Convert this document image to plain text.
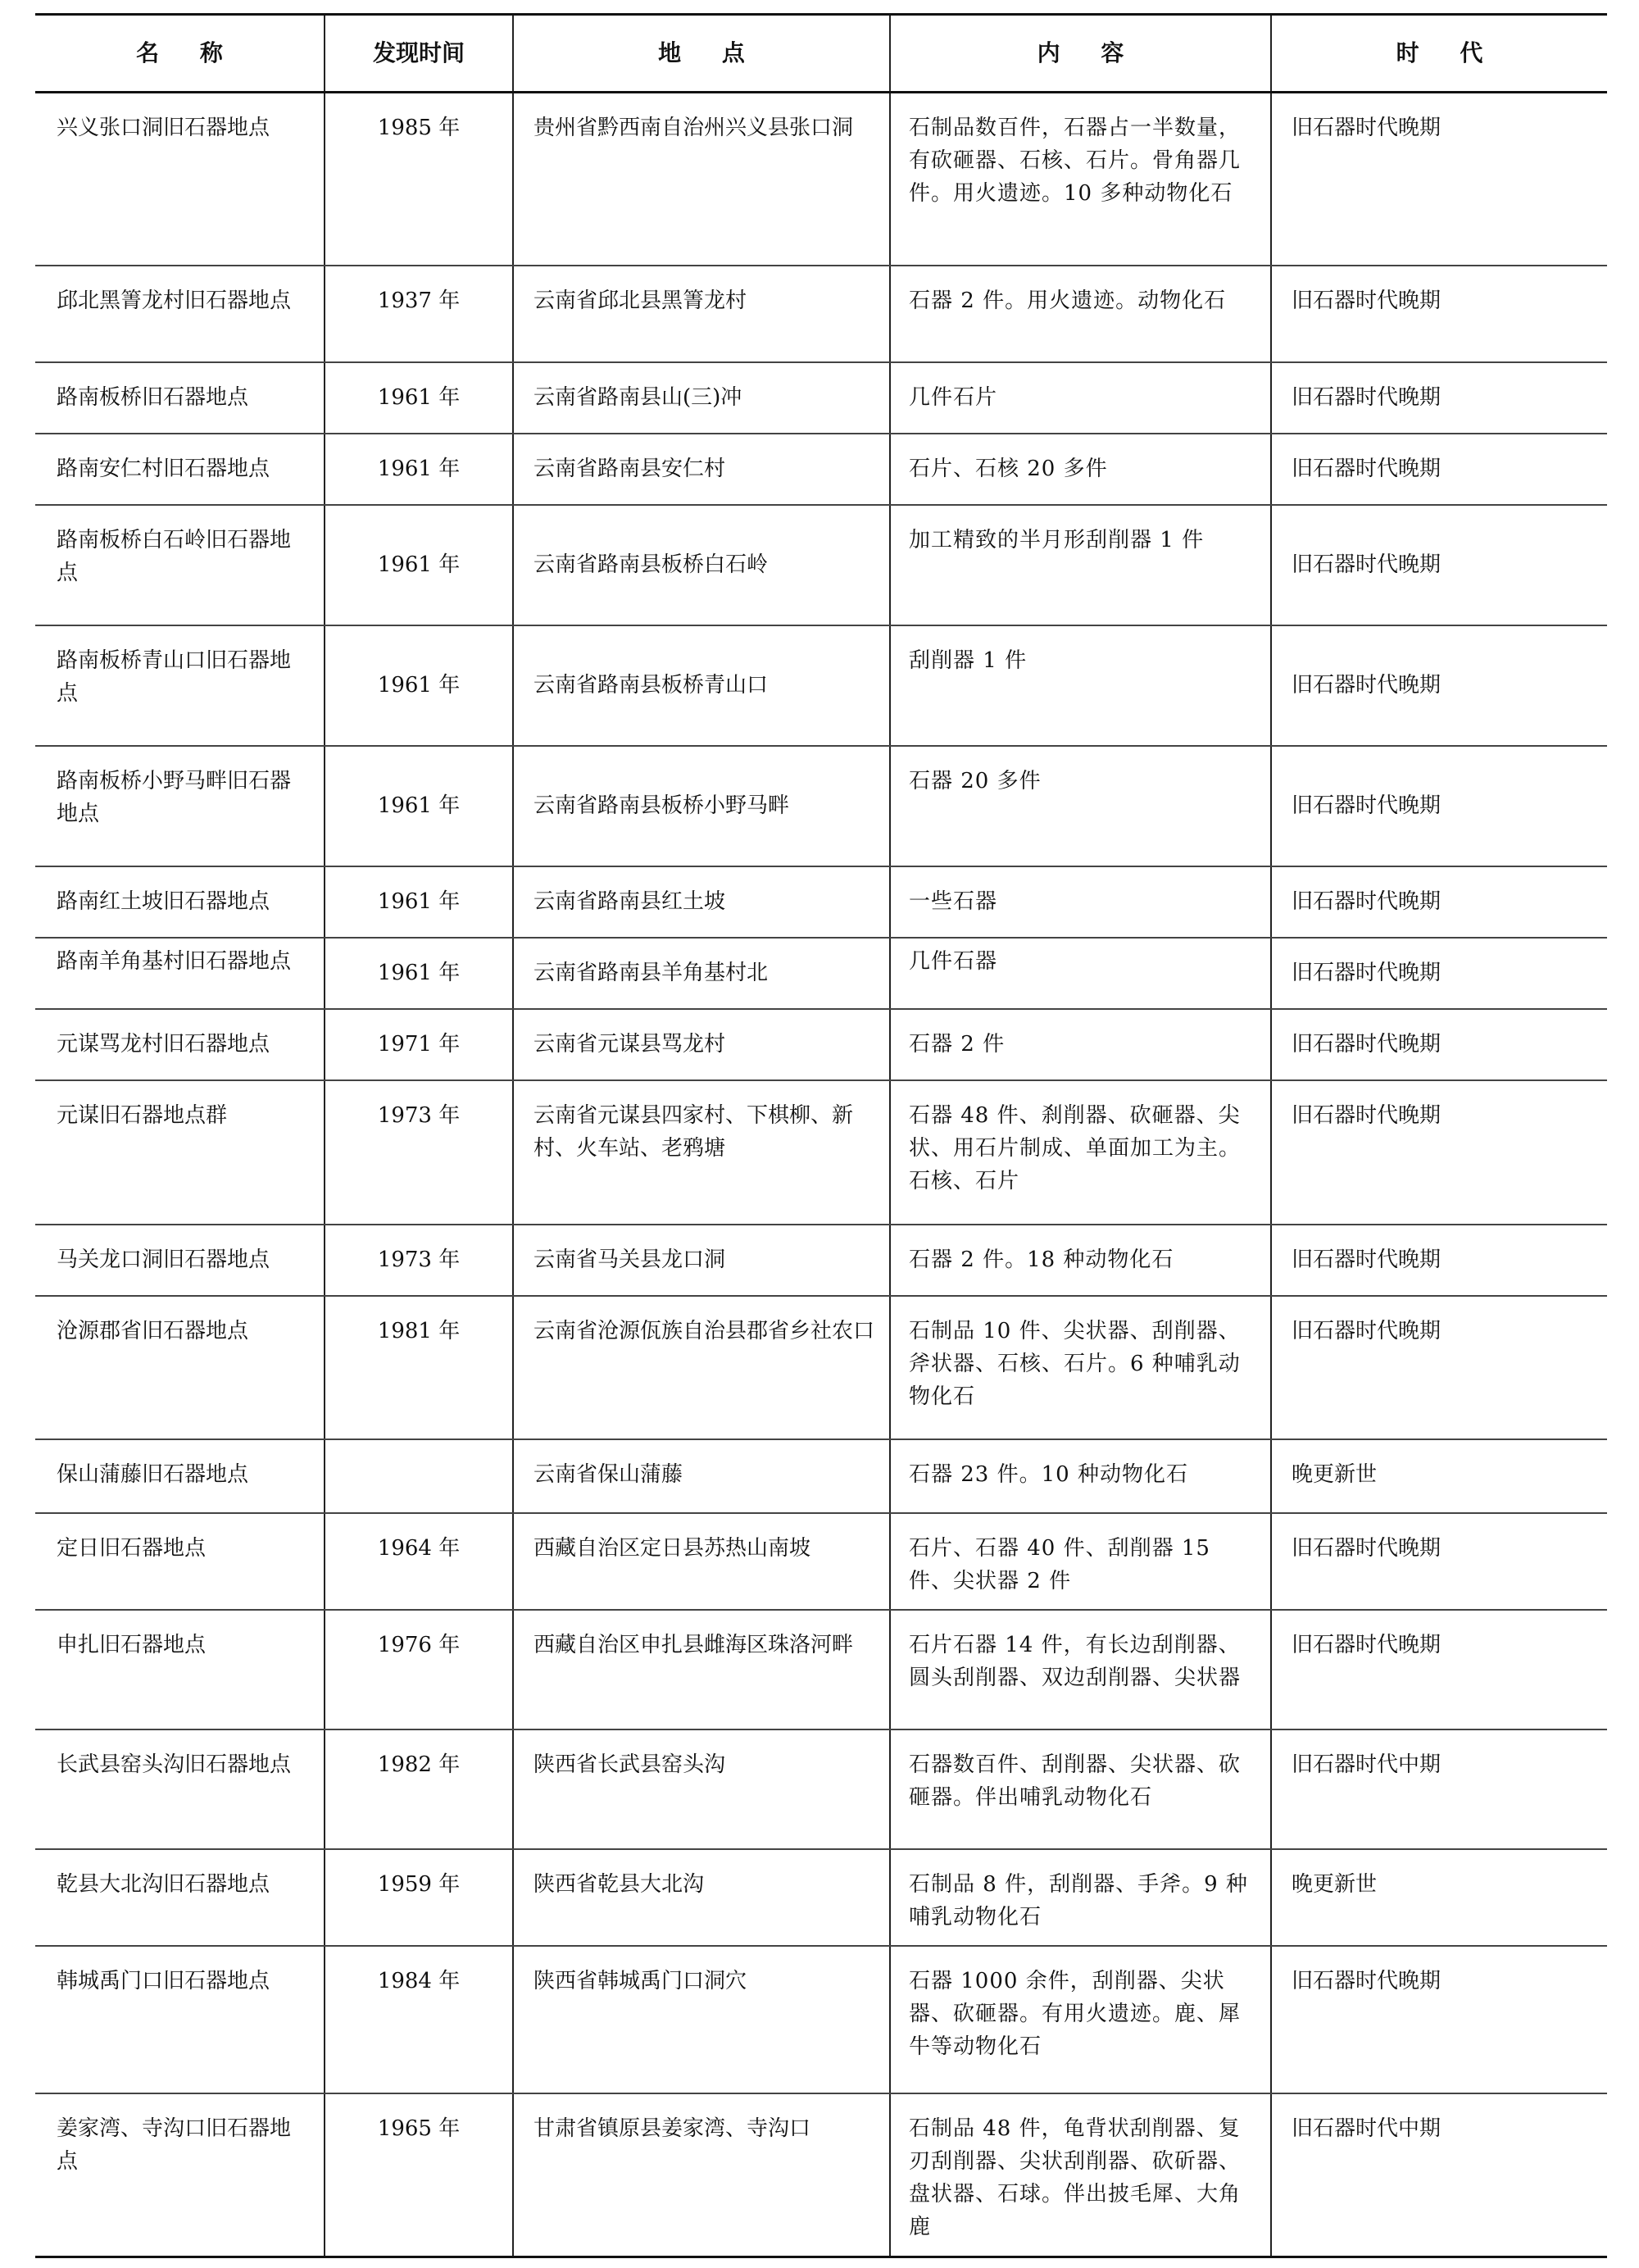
名 称	发现时间	地 点	内 容	时 代

兴义张口洞旧石器地点	1985 年	贵州省黔西南自治州兴义县张口洞	石制品数百件，石器占一半数量，有砍砸器、石核、石片。骨角器几件。用火遗迹。10 多种动物化石	旧石器时代晚期

邱北黑箐龙村旧石器地点	1937 年	云南省邱北县黑箐龙村	石器 2 件。用火遗迹。动物化石	旧石器时代晚期

路南板桥旧石器地点	1961 年	云南省路南县山(三)冲	几件石片	旧石器时代晚期

路南安仁村旧石器地点	1961 年	云南省路南县安仁村	石片、石核 20 多件	旧石器时代晚期

路南板桥白石岭旧石器地点	1961 年	云南省路南县板桥白石岭	加工精致的半月形刮削器 1 件	旧石器时代晚期

路南板桥青山口旧石器地点	1961 年	云南省路南县板桥青山口	刮削器 1 件	旧石器时代晚期

路南板桥小野马畔旧石器地点	1961 年	云南省路南县板桥小野马畔	石器 20 多件	旧石器时代晚期

路南红土坡旧石器地点	1961 年	云南省路南县红土坡	一些石器	旧石器时代晚期

路南羊角基村旧石器地点	1961 年	云南省路南县羊角基村北	几件石器	旧石器时代晚期

元谋骂龙村旧石器地点	1971 年	云南省元谋县骂龙村	石器 2 件	旧石器时代晚期

元谋旧石器地点群	1973 年	云南省元谋县四家村、下棋柳、新村、火车站、老鸦塘	石器 48 件、刹削器、砍砸器、尖状、用石片制成、单面加工为主。石核、石片	旧石器时代晚期

马关龙口洞旧石器地点	1973 年	云南省马关县龙口洞	石器 2 件。18 种动物化石	旧石器时代晚期

沧源郡省旧石器地点	1981 年	云南省沧源佤族自治县郡省乡社农口	石制品 10 件、尖状器、刮削器、斧状器、石核、石片。6 种哺乳动物化石	旧石器时代晚期

保山蒲藤旧石器地点		云南省保山蒲藤	石器 23 件。10 种动物化石	晚更新世

定日旧石器地点	1964 年	西藏自治区定日县苏热山南坡	石片、石器 40 件、刮削器 15 件、尖状器 2 件	旧石器时代晚期

申扎旧石器地点	1976 年	西藏自治区申扎县雌海区珠洛河畔	石片石器 14 件，有长边刮削器、圆头刮削器、双边刮削器、尖状器	旧石器时代晚期

长武县窑头沟旧石器地点	1982 年	陕西省长武县窑头沟	石器数百件、刮削器、尖状器、砍砸器。伴出哺乳动物化石	旧石器时代中期

乾县大北沟旧石器地点	1959 年	陕西省乾县大北沟	石制品 8 件，刮削器、手斧。9 种哺乳动物化石	晚更新世

韩城禹门口旧石器地点	1984 年	陕西省韩城禹门口洞穴	石器 1000 余件，刮削器、尖状器、砍砸器。有用火遗迹。鹿、犀牛等动物化石	旧石器时代晚期

姜家湾、寺沟口旧石器地点	1965 年	甘肃省镇原县姜家湾、寺沟口	石制品 48 件，龟背状刮削器、复刃刮削器、尖状刮削器、砍斫器、盘状器、石球。伴出披毛犀、大角鹿	旧石器时代中期
